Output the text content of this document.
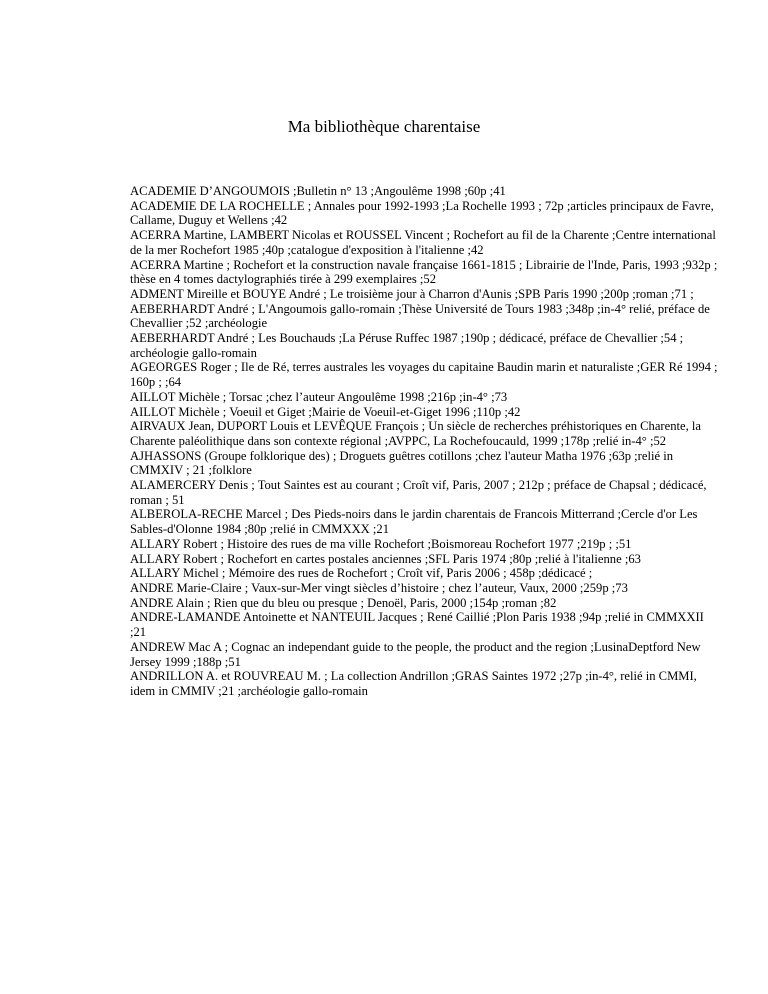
Ma bibliothèque charentaise

ACADEMIE D’ANGOUMOIS ;Bulletin n° 13 ;Angoulême 1998 ;60p ;41

ACADEMIE DE LA ROCHELLE ; Annales pour 1992-1993 ;La Rochelle 1993 ; 72p ;articles principaux de Favre, Callame, Duguy et Wellens ;42

ACERRA Martine, LAMBERT Nicolas et ROUSSEL Vincent ; Rochefort au fil de la Charente ;Centre international de la mer Rochefort 1985 ;40p ;catalogue d'exposition à l'italienne ;42

ACERRA Martine ; Rochefort et la construction navale française 1661-1815 ; Librairie de l'Inde, Paris, 1993 ;932p ; thèse en 4 tomes dactylographiés tirée à 299 exemplaires ;52

ADMENT Mireille et BOUYE André ; Le troisième jour à Charron d'Aunis ;SPB Paris 1990 ;200p ;roman ;71 ;

AEBERHARDT André ; L'Angoumois gallo-romain ;Thèse Université de Tours 1983 ;348p ;in-4° relié, préface de Chevallier ;52 ;archéologie

AEBERHARDT André ; Les Bouchauds ;La Péruse Ruffec 1987 ;190p ; dédicacé, préface de Chevallier ;54 ; archéologie gallo-romain

AGEORGES Roger ; Ile de Ré, terres australes les voyages du capitaine Baudin marin et naturaliste ;GER Ré 1994 ; 160p ; ;64

AILLOT Michèle ; Torsac ;chez l’auteur Angoulême 1998 ;216p ;in-4° ;73

AILLOT Michèle ; Voeuil et Giget ;Mairie de Voeuil-et-Giget 1996 ;110p ;42

AIRVAUX Jean, DUPORT Louis et LEVÊQUE François ; Un siècle de recherches préhistoriques en Charente, la Charente paléolithique dans son contexte régional ;AVPPC, La Rochefoucauld, 1999 ;178p ;relié in-4° ;52

AJHASSONS (Groupe folklorique des) ; Droguets guêtres cotillons ;chez l'auteur Matha 1976 ;63p ;relié in CMMXIV ; 21 ;folklore

ALAMERCERY Denis ; Tout Saintes est au courant ; Croît vif, Paris, 2007 ; 212p ; préface de Chapsal ; dédicacé, roman ; 51

ALBEROLA-RECHE Marcel ; Des Pieds-noirs dans le jardin charentais de Francois Mitterrand ;Cercle d'or Les Sables-d'Olonne 1984 ;80p ;relié in CMMXXX ;21

ALLARY Robert ; Histoire des rues de ma ville Rochefort ;Boismoreau Rochefort 1977 ;219p ; ;51

ALLARY Robert ; Rochefort en cartes postales anciennes ;SFL Paris 1974 ;80p ;relié à l'italienne ;63

ALLARY Michel ; Mémoire des rues de Rochefort ; Croît vif, Paris 2006 ; 458p ;dédicacé ;

ANDRE Marie-Claire ; Vaux-sur-Mer vingt siècles d’histoire ; chez l’auteur, Vaux, 2000 ;259p ;73

ANDRE Alain ; Rien que du bleu ou presque ; Denoël, Paris, 2000 ;154p ;roman ;82

ANDRE-LAMANDE Antoinette et NANTEUIL Jacques ; René Caillié ;Plon Paris 1938 ;94p ;relié in CMMXXII ;21

ANDREW Mac A ; Cognac an independant guide to the people, the product and the region ;LusinaDeptford New Jersey 1999 ;188p ;51

ANDRILLON A. et ROUVREAU M. ; La collection Andrillon ;GRAS Saintes 1972 ;27p ;in-4°, relié in CMMI, idem in CMMIV ;21 ;archéologie gallo-romain
